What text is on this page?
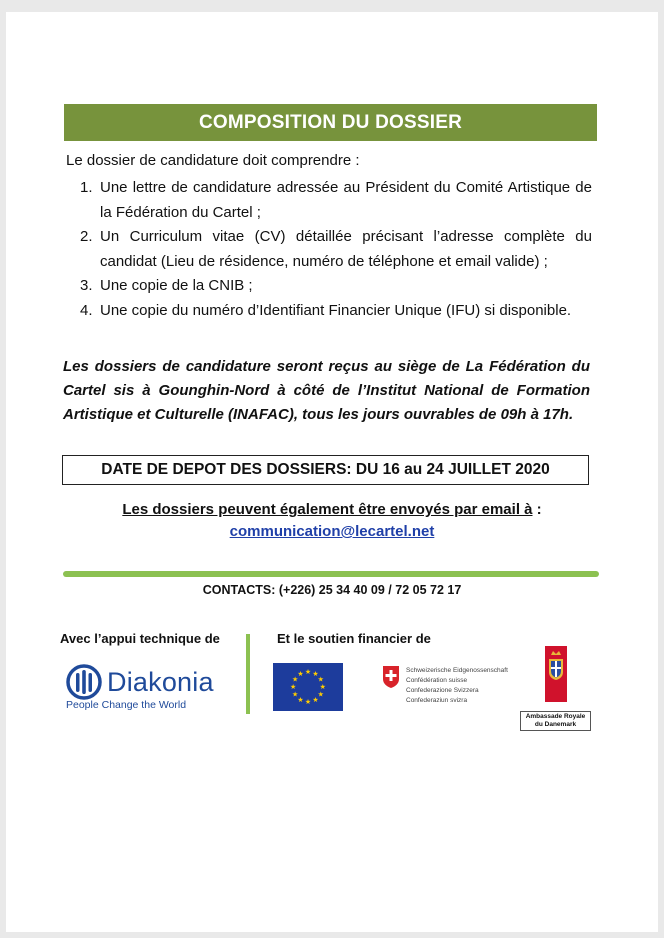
COMPOSITION DU DOSSIER
Le dossier de candidature doit comprendre :
1. Une lettre de candidature adressée au Président du Comité Artistique de la Fédération du Cartel ;
2. Un Curriculum vitae (CV) détaillée précisant l’adresse complète du candidat (Lieu de résidence, numéro de téléphone et email valide) ;
3. Une copie de la CNIB ;
4. Une copie du numéro d’Identifiant Financier Unique (IFU) si disponible.
Les dossiers de candidature seront reçus au siège de La Fédération du Cartel sis à Gounghin-Nord à côté de l’Institut National de Formation Artistique et Culturelle (INAFAC), tous les jours ouvrables de 09h à 17h.
DATE DE DEPOT DES DOSSIERS: DU 16 au 24 JUILLET 2020
Les dossiers peuvent également être envoyés par email à :
communication@lecartel.net
CONTACTS: (+226) 25 34 40 09 / 72 05 72 17
Avec l’appui technique de	Et le soutien financier de
Diakonia
People Change the World
★ ★
★
★
★
★
★
★
★
★
★
★	Schweizerische Eidgenossenschaft
Confédération suisse
Confederazione Svizzera
Confederaziun svizra
Ambassade Royale
du Danemark
